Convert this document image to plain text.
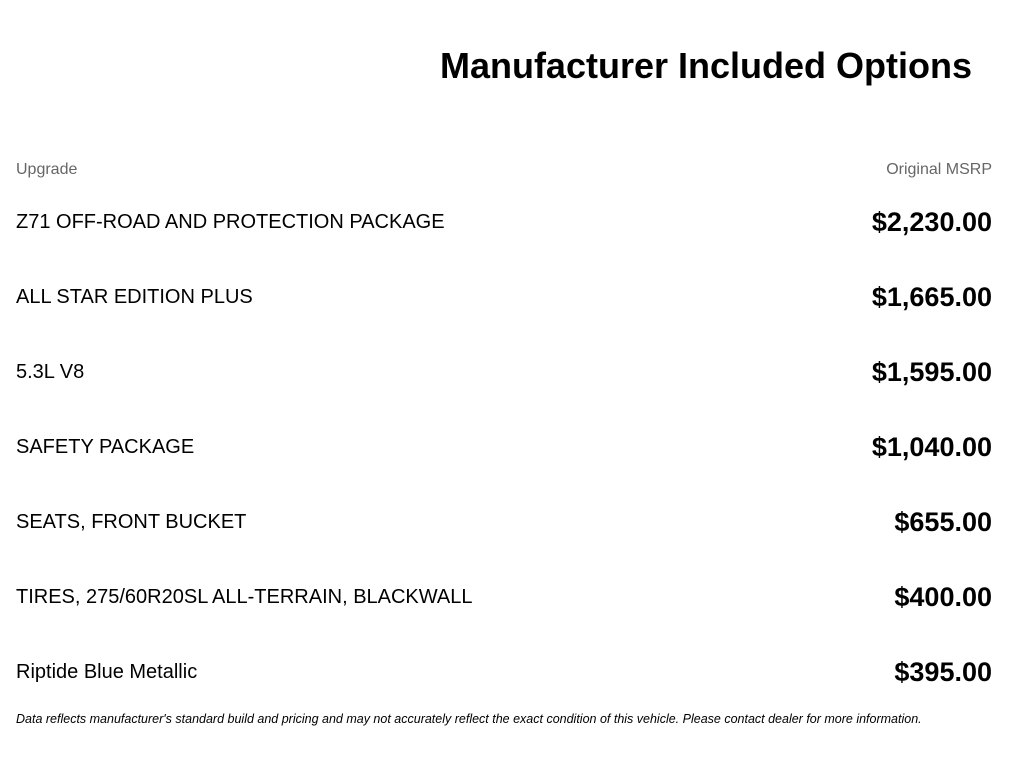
Manufacturer Included Options
Upgrade	Original MSRP
Z71 OFF-ROAD AND PROTECTION PACKAGE	$2,230.00
ALL STAR EDITION PLUS	$1,665.00
5.3L V8	$1,595.00
SAFETY PACKAGE	$1,040.00
SEATS, FRONT BUCKET	$655.00
TIRES, 275/60R20SL ALL-TERRAIN, BLACKWALL	$400.00
Riptide Blue Metallic	$395.00

Data reflects manufacturer's standard build and pricing and may not accurately reflect the exact condition of this vehicle. Please contact dealer for more information.
